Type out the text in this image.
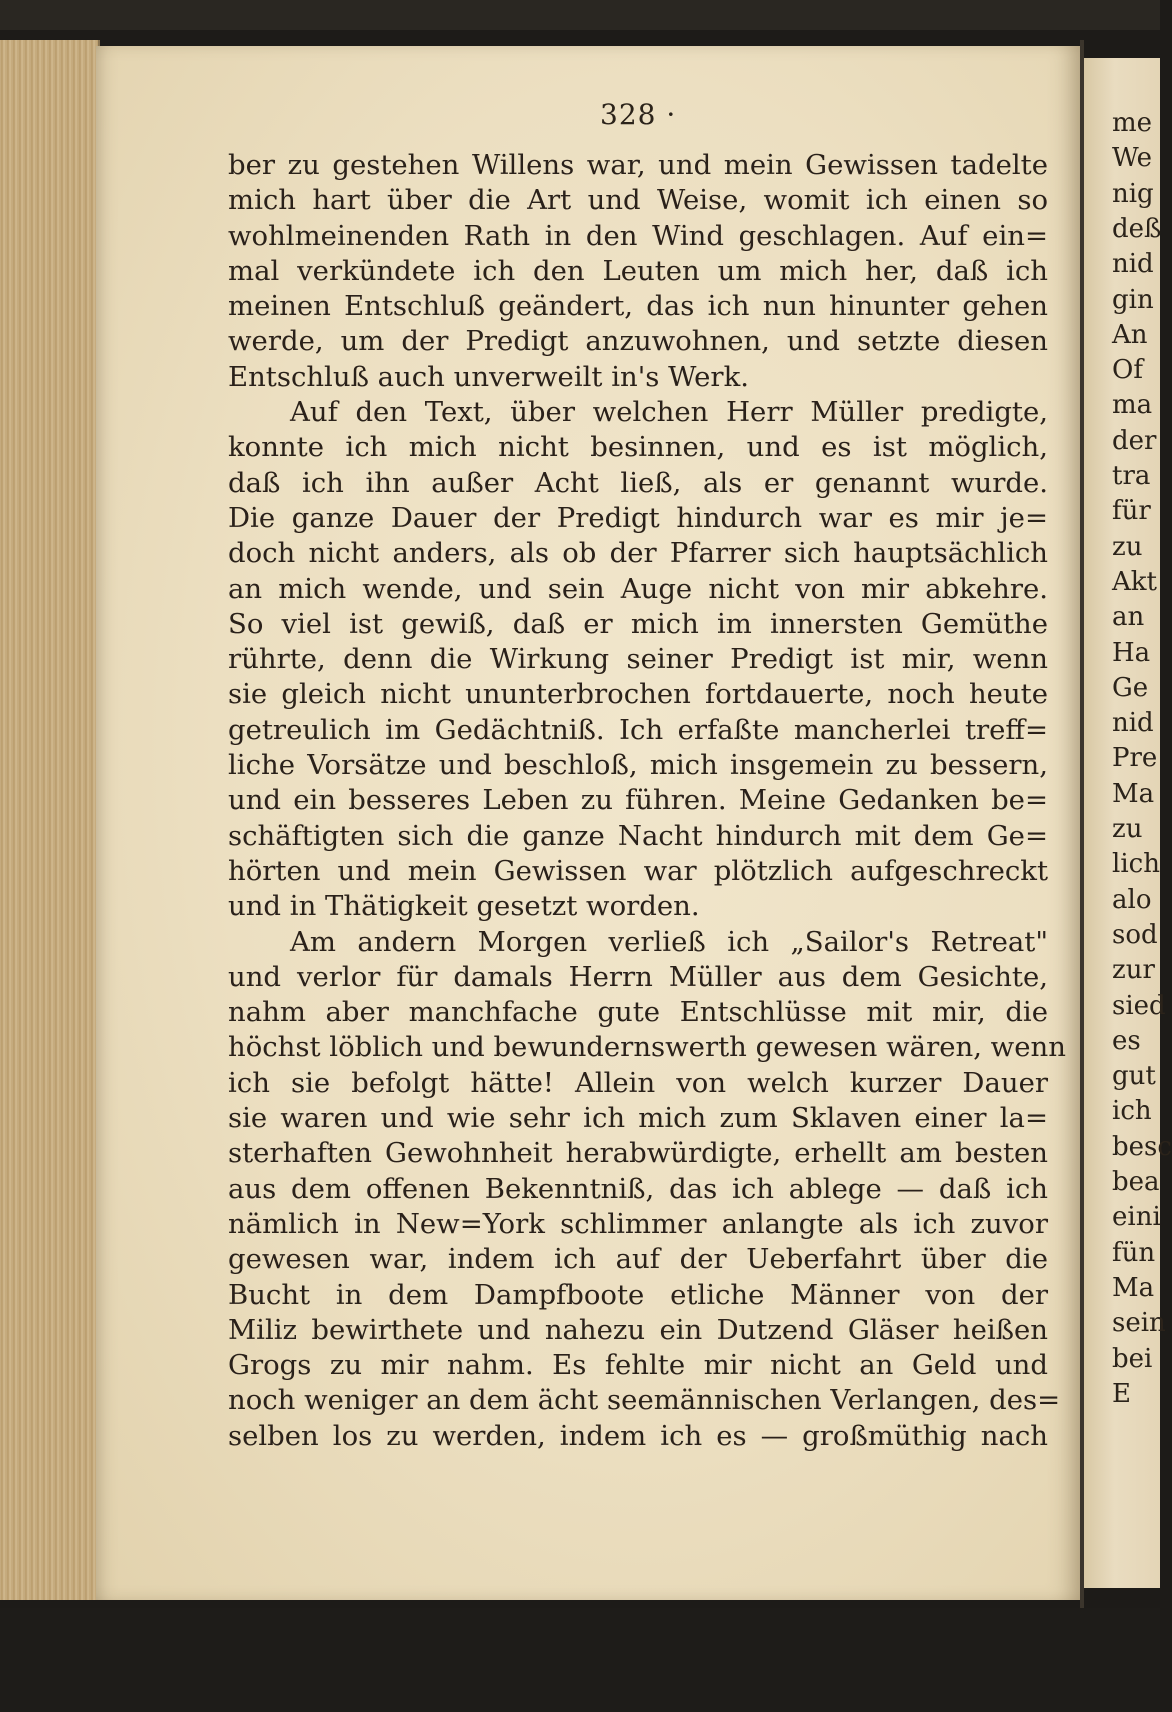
328 ·
ber zu gestehen Willens war, und mein Gewissen tadelte
mich hart über die Art und Weise, womit ich einen so
wohlmeinenden Rath in den Wind geschlagen. Auf ein=
mal verkündete ich den Leuten um mich her, daß ich
meinen Entschluß geändert, das ich nun hinunter gehen
werde, um der Predigt anzuwohnen, und setzte diesen
Entschluß auch unverweilt in's Werk.
Auf den Text, über welchen Herr Müller predigte,
konnte ich mich nicht besinnen, und es ist möglich,
daß ich ihn außer Acht ließ, als er genannt wurde.
Die ganze Dauer der Predigt hindurch war es mir je=
doch nicht anders, als ob der Pfarrer sich hauptsächlich
an mich wende, und sein Auge nicht von mir abkehre.
So viel ist gewiß, daß er mich im innersten Gemüthe
rührte, denn die Wirkung seiner Predigt ist mir, wenn
sie gleich nicht ununterbrochen fortdauerte, noch heute
getreulich im Gedächtniß. Ich erfaßte mancherlei treff=
liche Vorsätze und beschloß, mich insgemein zu bessern,
und ein besseres Leben zu führen. Meine Gedanken be=
schäftigten sich die ganze Nacht hindurch mit dem Ge=
hörten und mein Gewissen war plötzlich aufgeschreckt
und in Thätigkeit gesetzt worden.
Am andern Morgen verließ ich „Sailor's Retreat"
und verlor für damals Herrn Müller aus dem Gesichte,
nahm aber manchfache gute Entschlüsse mit mir, die
höchst löblich und bewundernswerth gewesen wären, wenn
ich sie befolgt hätte! Allein von welch kurzer Dauer
sie waren und wie sehr ich mich zum Sklaven einer la=
sterhaften Gewohnheit herabwürdigte, erhellt am besten
aus dem offenen Bekenntniß, das ich ablege — daß ich
nämlich in New=York schlimmer anlangte als ich zuvor
gewesen war, indem ich auf der Ueberfahrt über die
Bucht in dem Dampfboote etliche Männer von der
Miliz bewirthete und nahezu ein Dutzend Gläser heißen
Grogs zu mir nahm. Es fehlte mir nicht an Geld und
noch weniger an dem ächt seemännischen Verlangen, des=
selben los zu werden, indem ich es — großmüthig nach
me
We
nig
deß
nid
gin
An
Of
ma
der
tra
für
zu
Akt
an
Ha
Ge
nid
Pre
Ma
zu
lich
alo
sod
zur
sied
es
gut
ich
besc
bea
eini
fün
Ma
sein
bei
E
